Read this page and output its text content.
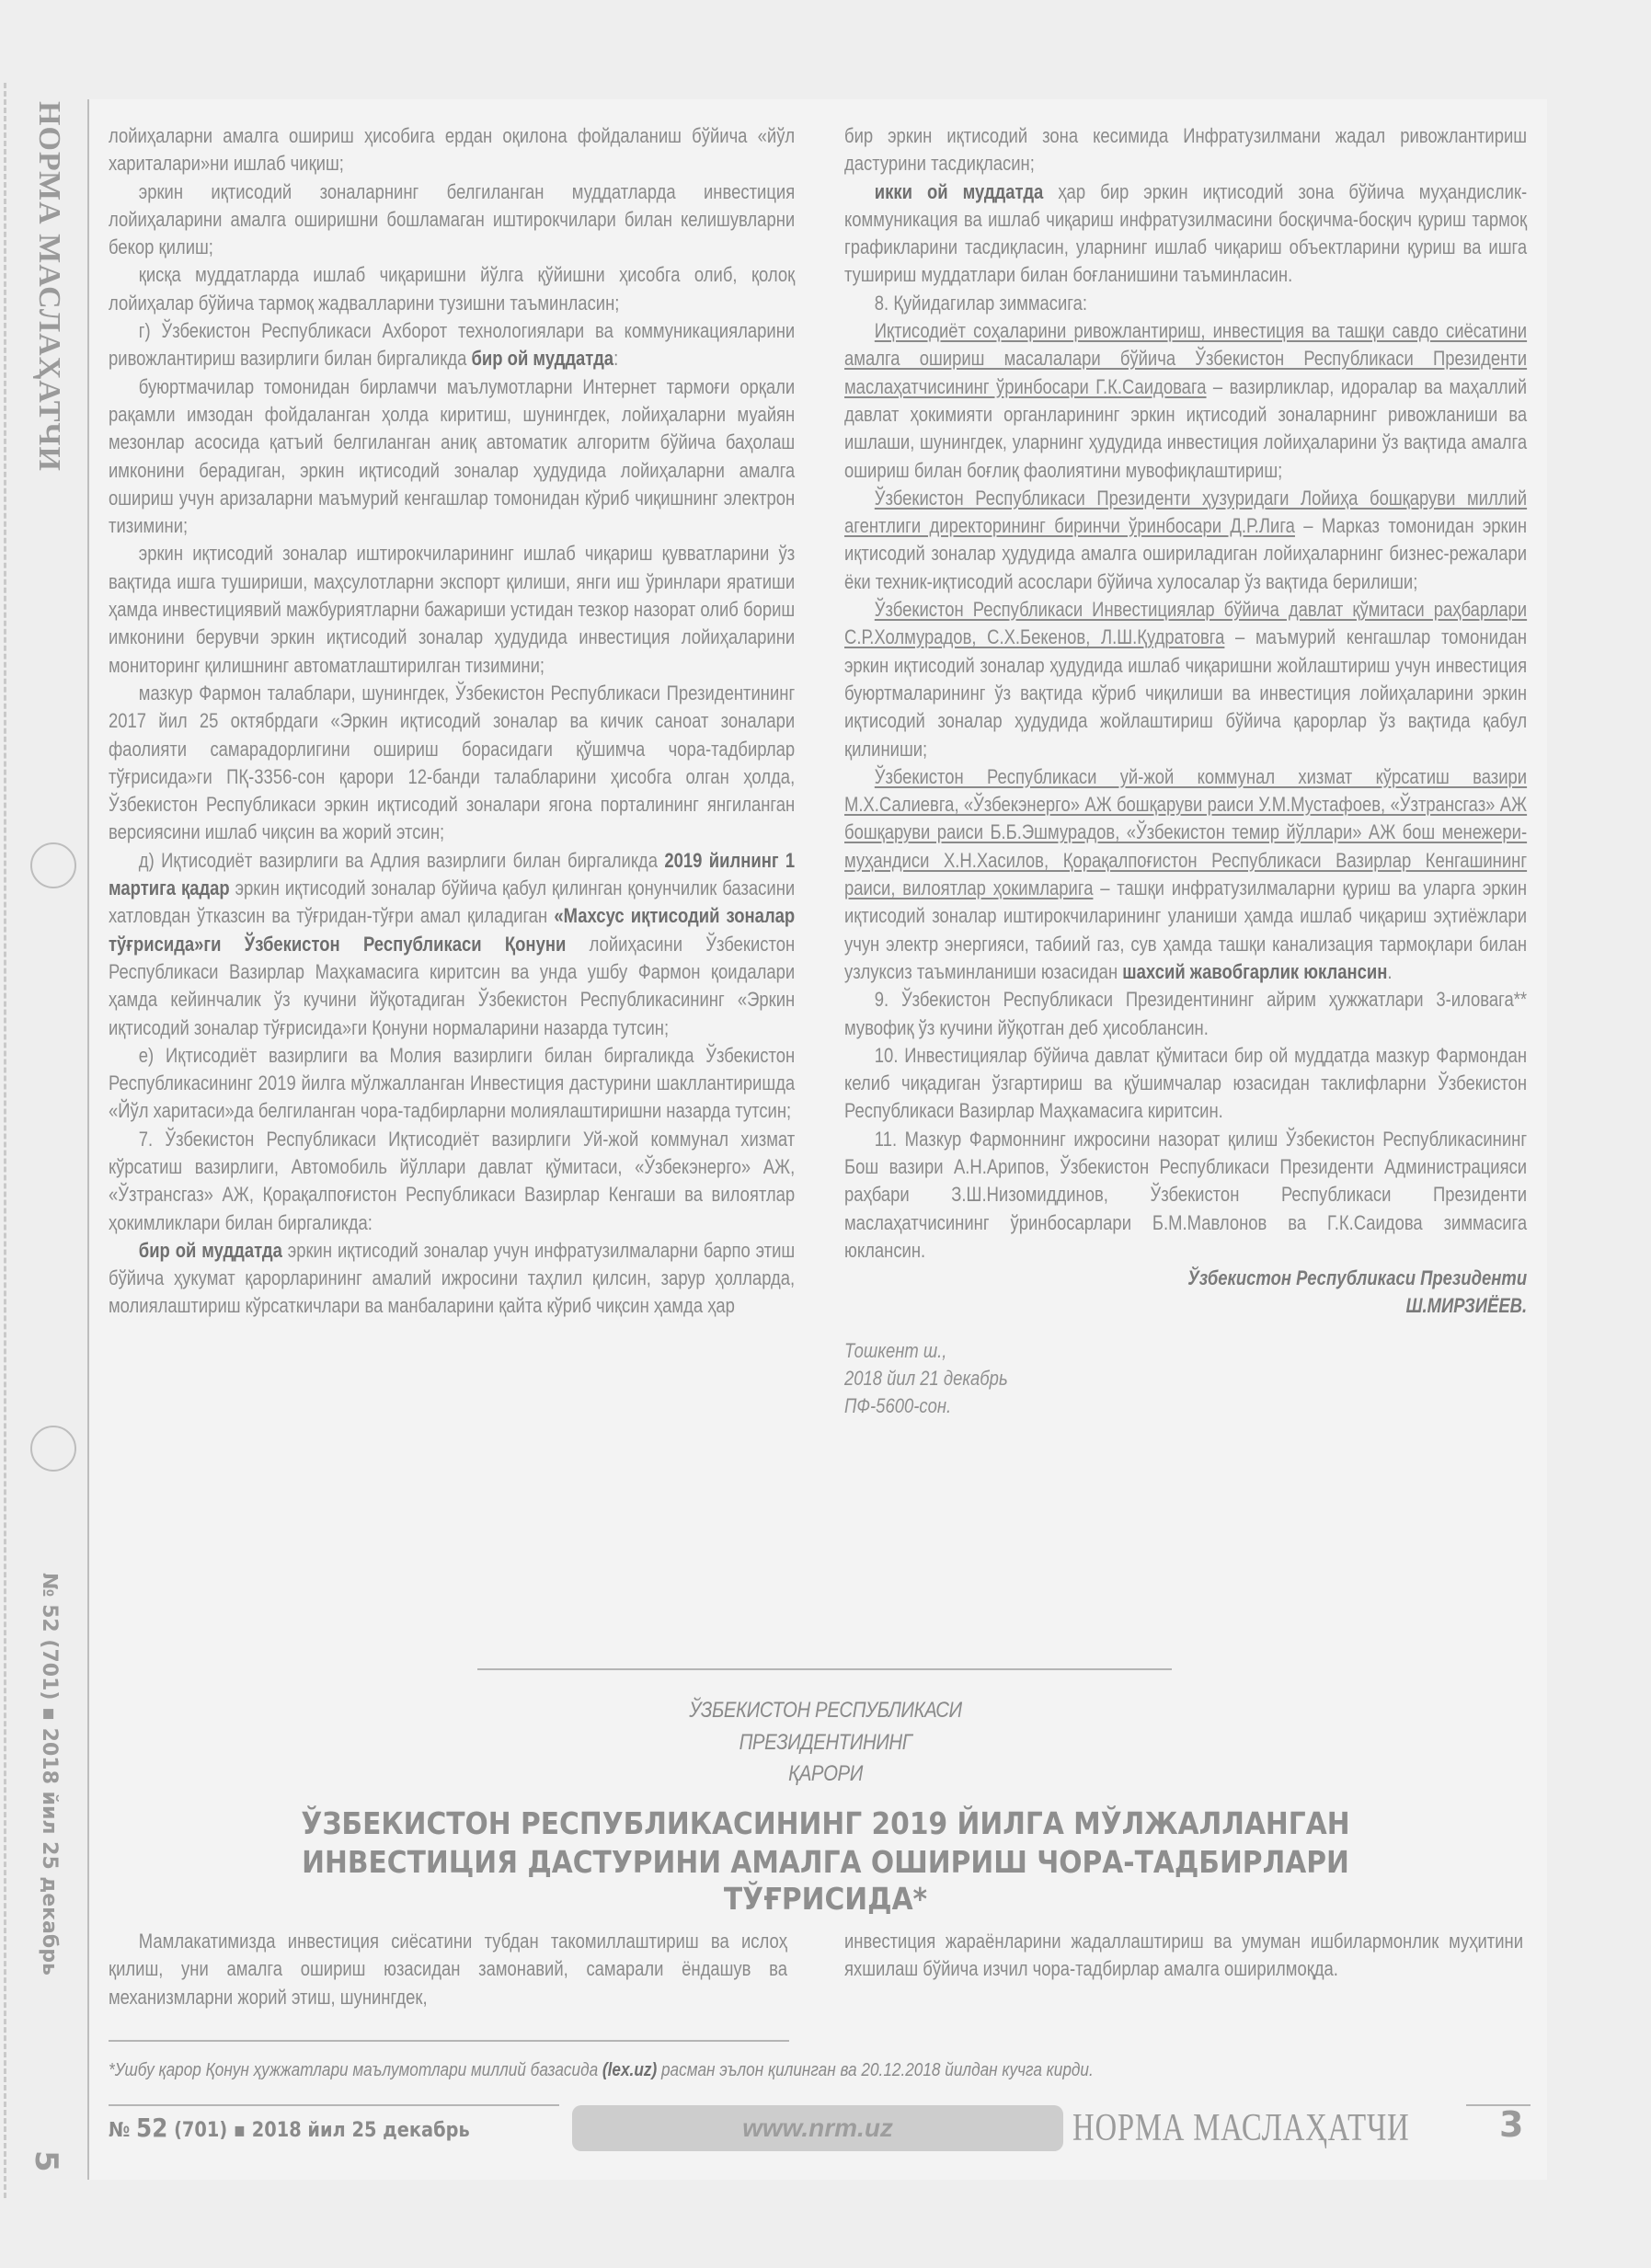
НОРМА МАСЛАҲАТЧИ
№ 52 (701) ▪ 2018 йил 25 декабрь
5

лойиҳаларни амалга ошириш ҳисобига ердан оқилона фойдаланиш бўйича «йўл хариталари»ни ишлаб чиқиш;

эркин иқтисодий зоналарнинг белгиланган муддатларда инвестиция лойиҳаларини амалга оширишни бошламаган иштирокчилари билан келишувларни бекор қилиш;

қисқа муддатларда ишлаб чиқаришни йўлга қўйишни ҳисобга олиб, қолоқ лойиҳалар бўйича тармоқ жадвалларини тузишни таъминласин;

г) Ўзбекистон Республикаси Ахборот технологиялари ва коммуникацияларини ривожлантириш вазирлиги билан биргаликда бир ой муддатда:

буюртмачилар томонидан бирламчи маълумотларни Интернет тармоғи орқали рақамли имзодан фойдаланган ҳолда киритиш, шунингдек, лойиҳаларни муайян мезонлар асосида қатъий белгиланган аниқ автоматик алгоритм бўйича баҳолаш имконини берадиган, эркин иқтисодий зоналар ҳудудида лойиҳаларни амалга ошириш учун аризаларни маъмурий кенгашлар томонидан кўриб чиқишнинг электрон тизимини;

эркин иқтисодий зоналар иштирокчиларининг ишлаб чиқариш қувватларини ўз вақтида ишга тушириши, маҳсулотларни экспорт қилиши, янги иш ўринлари яратиши ҳамда инвестициявий мажбуриятларни бажариши устидан тезкор назорат олиб бориш имконини берувчи эркин иқтисодий зоналар ҳудудида инвестиция лойиҳаларини мониторинг қилишнинг автоматлаштирилган тизимини;

мазкур Фармон талаблари, шунингдек, Ўзбекистон Республикаси Президентининг 2017 йил 25 октябрдаги «Эркин иқтисодий зоналар ва кичик саноат зоналари фаолияти самарадорлигини ошириш борасидаги қўшимча чора-тадбирлар тўғрисида»ги ПҚ-3356-сон қарори 12-банди талабларини ҳисобга олган ҳолда, Ўзбекистон Республикаси эркин иқтисодий зоналари ягона порталининг янгиланган версиясини ишлаб чиқсин ва жорий этсин;

д) Иқтисодиёт вазирлиги ва Адлия вазирлиги билан биргаликда 2019 йилнинг 1 мартига қадар эркин иқтисодий зоналар бўйича қабул қилинган қонунчилик базасини хатловдан ўтказсин ва тўғридан-тўғри амал қиладиган «Махсус иқтисодий зоналар тўғрисида»ги Ўзбекистон Республикаси Қонуни лойиҳасини Ўзбекистон Республикаси Вазирлар Маҳкамасига киритсин ва унда ушбу Фармон қоидалари ҳамда кейинчалик ўз кучини йўқотадиган Ўзбекистон Республикасининг «Эркин иқтисодий зоналар тўғрисида»ги Қонуни нормаларини назарда тутсин;

е) Иқтисодиёт вазирлиги ва Молия вазирлиги билан биргаликда Ўзбекистон Республикасининг 2019 йилга мўлжалланган Инвестиция дастурини шакллантиришда «Йўл харитаси»да белгиланган чора-тадбирларни молиялаштиришни назарда тутсин;

7. Ўзбекистон Республикаси Иқтисодиёт вазирлиги Уй-жой коммунал хизмат кўрсатиш вазирлиги, Автомобиль йўллари давлат қўмитаси, «Ўзбекэнерго» АЖ, «Ўзтрансгаз» АЖ, Қорақалпоғистон Республикаси Вазирлар Кенгаши ва вилоятлар ҳокимликлари билан биргаликда:

бир ой муддатда эркин иқтисодий зоналар учун инфратузилмаларни барпо этиш бўйича ҳукумат қарорларининг амалий ижросини таҳлил қилсин, зарур ҳолларда, молиялаштириш кўрсаткичлари ва манбаларини қайта кўриб чиқсин ҳамда ҳар

бир эркин иқтисодий зона кесимида Инфратузилмани жадал ривожлантириш дастурини тасдиқласин;

икки ой муддатда ҳар бир эркин иқтисодий зона бўйича муҳандислик-коммуникация ва ишлаб чиқариш инфратузилмасини босқичма-босқич қуриш тармоқ графикларини тасдиқласин, уларнинг ишлаб чиқариш объектларини қуриш ва ишга тушириш муддатлари билан боғланишини таъминласин.

8. Қуйидагилар зиммасига:

Иқтисодиёт соҳаларини ривожлантириш, инвестиция ва ташқи савдо сиёсатини амалга ошириш масалалари бўйича Ўзбекистон Республикаси Президенти маслаҳатчисининг ўринбосари Г.К.Саидовага – вазирликлар, идоралар ва маҳаллий давлат ҳокимияти органларининг эркин иқтисодий зоналарнинг ривожланиши ва ишлаши, шунингдек, уларнинг ҳудудида инвестиция лойиҳаларини ўз вақтида амалга ошириш билан боғлиқ фаолиятини мувофиқлаштириш;

Ўзбекистон Республикаси Президенти ҳузуридаги Лойиҳа бошқаруви миллий агентлиги директорининг биринчи ўринбосари Д.Р.Лига – Марказ томонидан эркин иқтисодий зоналар ҳудудида амалга ошириладиган лойиҳаларнинг бизнес-режалари ёки техник-иқтисодий асослари бўйича хулосалар ўз вақтида берилиши;

Ўзбекистон Республикаси Инвестициялар бўйича давлат қўмитаси раҳбарлари С.Р.Холмурадов, С.Х.Бекенов, Л.Ш.Қудратовга – маъмурий кенгашлар томонидан эркин иқтисодий зоналар ҳудудида ишлаб чиқаришни жойлаштириш учун инвестиция буюртмаларининг ўз вақтида кўриб чиқилиши ва инвестиция лойиҳаларини эркин иқтисодий зоналар ҳудудида жойлаштириш бўйича қарорлар ўз вақтида қабул қилиниши;

Ўзбекистон Республикаси уй-жой коммунал хизмат кўрсатиш вазири М.Х.Салиевга, «Ўзбекэнерго» АЖ бошқаруви раиси У.М.Мустафоев, «Ўзтрансгаз» АЖ бошқаруви раиси Б.Б.Эшмурадов, «Ўзбекистон темир йўллари» АЖ бош менежери-муҳандиси Х.Н.Хасилов, Қорақалпоғистон Республикаси Вазирлар Кенгашининг раиси, вилоятлар ҳокимларига – ташқи инфратузилмаларни қуриш ва уларга эркин иқтисодий зоналар иштирокчиларининг уланиши ҳамда ишлаб чиқариш эҳтиёжлари учун электр энергияси, табиий газ, сув ҳамда ташқи канализация тармоқлари билан узлуксиз таъминланиши юзасидан шахсий жавобгарлик юклансин.

9. Ўзбекистон Республикаси Президентининг айрим ҳужжатлари 3-иловага** мувофиқ ўз кучини йўқотган деб ҳисоблансин.

10. Инвестициялар бўйича давлат қўмитаси бир ой муддатда мазкур Фармондан келиб чиқадиган ўзгартириш ва қўшимчалар юзасидан таклифларни Ўзбекистон Республикаси Вазирлар Маҳкамасига киритсин.

11. Мазкур Фармоннинг ижросини назорат қилиш Ўзбекистон Республикасининг Бош вазири А.Н.Арипов, Ўзбекистон Республикаси Президенти Администрацияси раҳбари З.Ш.Низомиддинов, Ўзбекистон Республикаси Президенти маслаҳатчисининг ўринбосарлари Б.М.Мавлонов ва Г.К.Саидова зиммасига юклансин.

Ўзбекистон Республикаси Президенти

Ш.МИРЗИЁЕВ.

Тошкент ш.,

2018 йил 21 декабрь

ПФ-5600-сон.

ЎЗБЕКИСТОН РЕСПУБЛИКАСИ
ПРЕЗИДЕНТИНИНГ
ҚАРОРИ
ЎЗБЕКИСТОН РЕСПУБЛИКАСИНИНГ 2019 ЙИЛГА МЎЛЖАЛЛАНГАН
ИНВЕСТИЦИЯ ДАСТУРИНИ АМАЛГА ОШИРИШ ЧОРА-ТАДБИРЛАРИ
ТЎҒРИСИДА*
Мамлакатимизда инвестиция сиёсатини тубдан такомиллаштириш ва ислоҳ қилиш, уни амалга ошириш юзасидан замонавий, самарали ёндашув ва механизмларни жорий этиш, шунингдек,
инвестиция жараёнларини жадаллаштириш ва умуман ишбилармонлик муҳитини яхшилаш бўйича изчил чора-тадбирлар амалга оширилмоқда.
*Ушбу қарор Қонун ҳужжатлари маълумотлари миллий базасида (lex.uz) расман эълон қилинган ва 20.12.2018 йилдан кучга кирди.
№ 52 (701) ▪ 2018 йил 25 декабрь	www.nrm.uz	НОРМА МАСЛАҲАТЧИ	3
